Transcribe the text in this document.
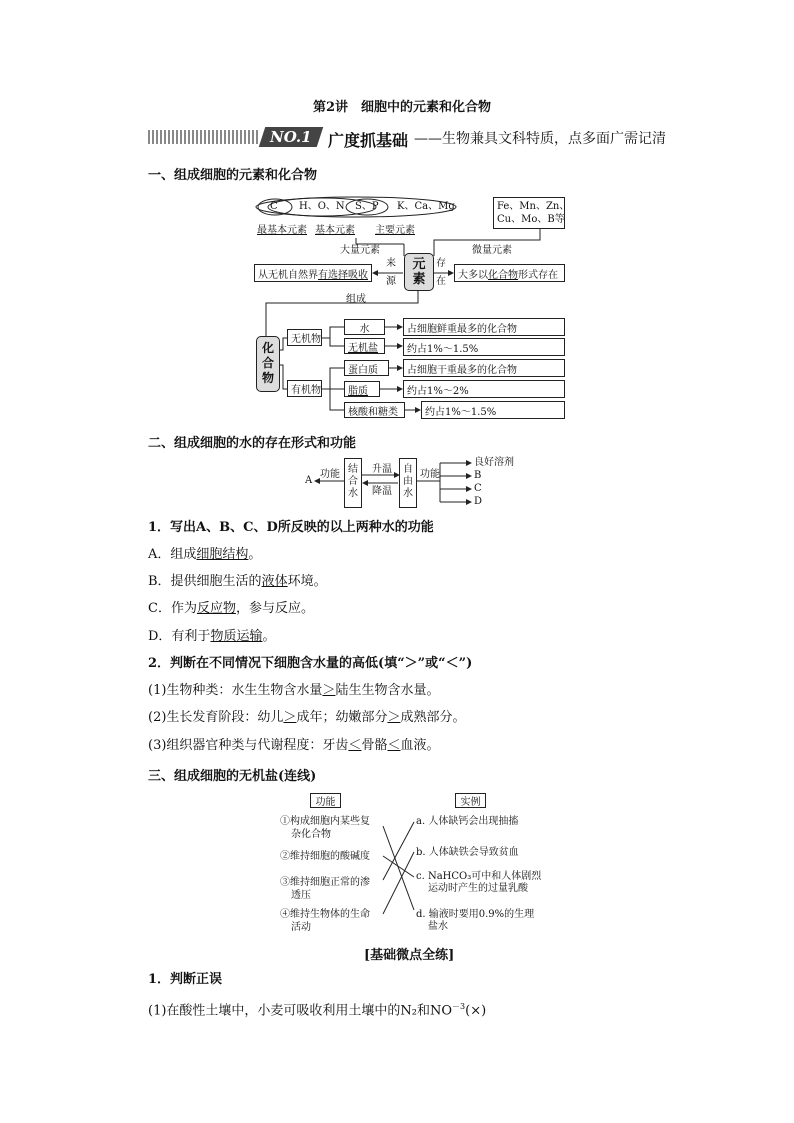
第2讲　细胞中的元素和化合物
NO.1 广度抓基础 ——生物兼具文科特质，点多面广需记清
一、组成细胞的元素和化合物
C H、O、N S、P K、Ca、Mg	Fe、Mn、Zn、
Cu、Mo、B等
最基本元素 基本元素 主要元素
大量元素	微量元素
来
源
存
在
元素
从无机自然界 有选择吸收	大多以 化合物 形式存在
组成
化合物
无机物
有机物
水
无机盐
蛋白质
脂质
核酸和糖类
占细胞鲜重最多的化合物
约占1%～1.5%
占细胞干重最多的化合物
约占1%～2%
约占1%～1.5%
二、组成细胞的水的存在形式和功能
结合水
自由水
功能	功能
升温
降温
A
良好溶剂
B
C
D
1．写出A、B、C、D所反映的以上两种水的功能
A．组成细胞结构。
B．提供细胞生活的液体环境。
C．作为反应物，参与反应。
D．有利于物质运输。
2．判断在不同情况下细胞含水量的高低(填“＞”或“＜”)
(1)生物种类：水生生物含水量＞陆生生物含水量。
(2)生长发育阶段：幼儿＞成年；幼嫩部分＞成熟部分。
(3)组织器官种类与代谢程度：牙齿＜骨骼＜血液。
三、组成细胞的无机盐(连线)
功能	实例
①构成细胞内某些复
杂化合物
②维持细胞的酸碱度
③维持细胞正常的渗
透压
④维持生物体的生命
活动
a. 人体缺钙会出现抽搐
b. 人体缺铁会导致贫血
c. NaHCO₃可中和人体剧烈
运动时产生的过量乳酸
d. 输液时要用0.9%的生理
盐水
[基础微点全练]
1．判断正误
(1)在酸性土壤中，小麦可吸收利用土壤中的N₂和$NO^{-3}(\times)$
